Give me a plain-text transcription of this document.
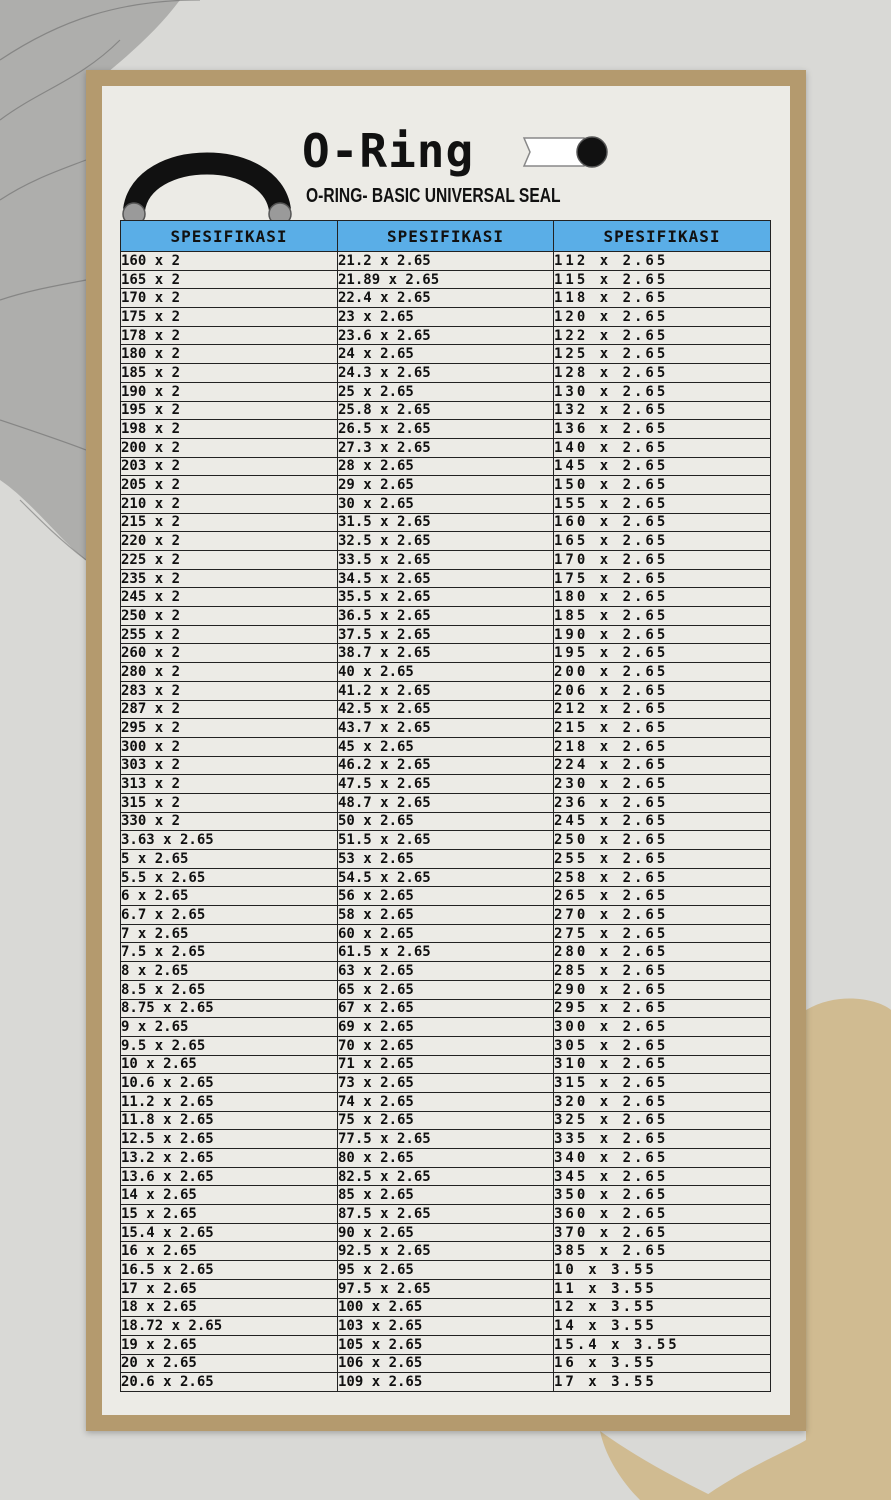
O-Ring
O-RING- BASIC UNIVERSAL SEAL
SPESIFIKASI	SPESIFIKASI	SPESIFIKASI
160 x 2	21.2 x 2.65	112 x 2.65
165 x 2	21.89 x 2.65	115 x 2.65
170 x 2	22.4 x 2.65	118 x 2.65
175 x 2	23 x 2.65	120 x 2.65
178 x 2	23.6 x 2.65	122 x 2.65
180 x 2	24 x 2.65	125 x 2.65
185 x 2	24.3 x 2.65	128 x 2.65
190 x 2	25 x 2.65	130 x 2.65
195 x 2	25.8 x 2.65	132 x 2.65
198 x 2	26.5 x 2.65	136 x 2.65
200 x 2	27.3 x 2.65	140 x 2.65
203 x 2	28 x 2.65	145 x 2.65
205 x 2	29 x 2.65	150 x 2.65
210 x 2	30 x 2.65	155 x 2.65
215 x 2	31.5 x 2.65	160 x 2.65
220 x 2	32.5 x 2.65	165 x 2.65
225 x 2	33.5 x 2.65	170 x 2.65
235 x 2	34.5 x 2.65	175 x 2.65
245 x 2	35.5 x 2.65	180 x 2.65
250 x 2	36.5 x 2.65	185 x 2.65
255 x 2	37.5 x 2.65	190 x 2.65
260 x 2	38.7 x 2.65	195 x 2.65
280 x 2	40 x 2.65	200 x 2.65
283 x 2	41.2 x 2.65	206 x 2.65
287 x 2	42.5 x 2.65	212 x 2.65
295 x 2	43.7 x 2.65	215 x 2.65
300 x 2	45 x 2.65	218 x 2.65
303 x 2	46.2 x 2.65	224 x 2.65
313 x 2	47.5 x 2.65	230 x 2.65
315 x 2	48.7 x 2.65	236 x 2.65
330 x 2	50 x 2.65	245 x 2.65
3.63 x 2.65	51.5 x 2.65	250 x 2.65
5 x 2.65	53 x 2.65	255 x 2.65
5.5 x 2.65	54.5 x 2.65	258 x 2.65
6 x 2.65	56 x 2.65	265 x 2.65
6.7 x 2.65	58 x 2.65	270 x 2.65
7 x 2.65	60 x 2.65	275 x 2.65
7.5 x 2.65	61.5 x 2.65	280 x 2.65
8 x 2.65	63 x 2.65	285 x 2.65
8.5 x 2.65	65 x 2.65	290 x 2.65
8.75 x 2.65	67 x 2.65	295 x 2.65
9 x 2.65	69 x 2.65	300 x 2.65
9.5 x 2.65	70 x 2.65	305 x 2.65
10 x 2.65	71 x 2.65	310 x 2.65
10.6 x 2.65	73 x 2.65	315 x 2.65
11.2 x 2.65	74 x 2.65	320 x 2.65
11.8 x 2.65	75 x 2.65	325 x 2.65
12.5 x 2.65	77.5 x 2.65	335 x 2.65
13.2 x 2.65	80 x 2.65	340 x 2.65
13.6 x 2.65	82.5 x 2.65	345 x 2.65
14 x 2.65	85 x 2.65	350 x 2.65
15 x 2.65	87.5 x 2.65	360 x 2.65
15.4 x 2.65	90 x 2.65	370 x 2.65
16 x 2.65	92.5 x 2.65	385 x 2.65
16.5 x 2.65	95 x 2.65	10 x 3.55
17 x 2.65	97.5 x 2.65	11 x 3.55
18 x 2.65	100 x 2.65	12 x 3.55
18.72 x 2.65	103 x 2.65	14 x 3.55
19 x 2.65	105 x 2.65	15.4 x 3.55
20 x 2.65	106 x 2.65	16 x 3.55
20.6 x 2.65	109 x 2.65	17 x 3.55
